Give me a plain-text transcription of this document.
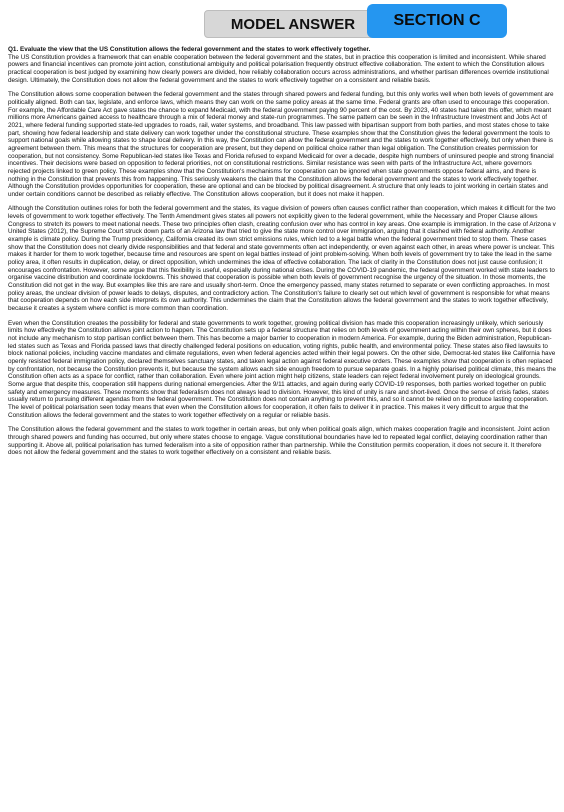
MODEL ANSWER	SECTION C

Q1. Evaluate the view that the US Constitution allows the federal government and the states to work effectively together.

The US Constitution provides a framework that can enable cooperation between the federal government and the states, but in practice this cooperation is limited and inconsistent. While shared powers and financial incentives can promote joint action, constitutional ambiguity and political polarisation frequently obstruct effective collaboration. The extent to which the Constitution allows practical cooperation is best judged by examining how clearly powers are divided, how reliably collaboration occurs across administrations, and whether partisan differences override institutional design. Ultimately, the Constitution does not allow the federal government and the states to work effectively together on a consistent and reliable basis.

The Constitution allows some cooperation between the federal government and the states through shared powers and federal funding, but this only works well when both levels of government are politically aligned. Both can tax, legislate, and enforce laws, which means they can work on the same policy areas at the same time. Federal grants are often used to encourage this cooperation. For example, the Affordable Care Act gave states the chance to expand Medicaid, with the federal government paying 90 percent of the cost. By 2023, 40 states had taken this offer, which meant millions more Americans gained access to healthcare through a mix of federal money and state-run programmes. The same pattern can be seen in the Infrastructure Investment and Jobs Act of 2021, where federal funding supported state-led upgrades to roads, rail, water systems, and broadband. This law passed with bipartisan support from both parties, and most states chose to take part, showing how federal leadership and state delivery can work together under the constitutional structure. These examples show that the Constitution gives the federal government the tools to support national goals while allowing states to shape local delivery. In this way, the Constitution can allow the federal government and the states to work together effectively, but only when there is agreement between them. This means that the structures for cooperation are present, but they depend on political choice rather than legal obligation. The Constitution creates permission for cooperation, but not consistency. Some Republican-led states like Texas and Florida refused to expand Medicaid for over a decade, despite high numbers of uninsured people and strong financial incentives. Their decisions were based on opposition to federal priorities, not on constitutional restrictions. Similar resistance was seen with parts of the Infrastructure Act, where governors rejected projects linked to green policy. These examples show that the Constitution's mechanisms for cooperation can be ignored when state governments oppose federal aims, and there is nothing in the Constitution that prevents this from happening. This seriously weakens the claim that the Constitution allows the federal government and the states to work effectively together. Although the Constitution provides opportunities for cooperation, these are optional and can be blocked by political disagreement. A structure that only leads to joint working in certain states and under certain conditions cannot be described as reliably effective. The Constitution allows cooperation, but it does not make it happen.

Although the Constitution outlines roles for both the federal government and the states, its vague division of powers often causes conflict rather than cooperation, which makes it difficult for the two levels of government to work together effectively. The Tenth Amendment gives states all powers not explicitly given to the federal government, while the Necessary and Proper Clause allows Congress to stretch its powers to meet national needs. These two principles often clash, creating confusion over who has control in key areas. One example is immigration. In the case of Arizona v United States (2012), the Supreme Court struck down parts of an Arizona law that tried to give the state more control over immigration, arguing that it clashed with federal authority. Another example is climate policy. During the Trump presidency, California created its own strict emissions rules, which led to a legal battle when the federal government tried to stop them. These cases show that the Constitution does not clearly divide responsibilities and that federal and state governments often act independently, or even against each other, in areas where power is unclear. This makes it harder for them to work together, because time and resources are spent on legal battles instead of joint problem-solving. When both levels of government try to take the lead in the same policy area, it often results in duplication, delay, or direct opposition, which undermines the idea of effective collaboration. The lack of clarity in the Constitution does not just cause confusion; it encourages confrontation. However, some argue that this flexibility is useful, especially during national crises. During the COVID-19 pandemic, the federal government worked with state leaders to organise vaccine distribution and coordinate lockdowns. This showed that cooperation is possible when both levels of government recognise the urgency of the situation. In those moments, the Constitution did not get in the way. But examples like this are rare and usually short-term. Once the emergency passed, many states returned to separate or even conflicting approaches. In most policy areas, the unclear division of power leads to delays, disputes, and contradictory action. The Constitution's failure to clearly set out which level of government is responsible for what means that cooperation depends on how each side interprets its own authority. This undermines the claim that the Constitution allows the federal government and the states to work together effectively, because it creates a system where conflict is more common than coordination.

Even when the Constitution creates the possibility for federal and state governments to work together, growing political division has made this cooperation increasingly unlikely, which seriously limits how effectively the Constitution allows joint action to happen. The Constitution sets up a federal structure that relies on both levels of government acting within their own spheres, but it does not include any mechanism to stop partisan conflict between them. This has become a major barrier to cooperation in modern America. For example, during the Biden administration, Republican-led states such as Texas and Florida passed laws that directly challenged federal positions on education, voting rights, public health, and environmental policy. These states also filed lawsuits to block national policies, including vaccine mandates and climate regulations, even when federal agencies acted within their legal powers. On the other side, Democrat-led states like California have openly resisted federal immigration policy, declared themselves sanctuary states, and taken legal action against federal executive orders. These examples show that cooperation is often replaced by confrontation, not because the Constitution prevents it, but because the system allows each side enough freedom to pursue separate goals. In a highly polarised political climate, this means the Constitution often acts as a space for conflict, rather than collaboration. Even where joint action might help citizens, state leaders can reject federal involvement purely on ideological grounds. Some argue that despite this, cooperation still happens during national emergencies. After the 9/11 attacks, and again during early COVID-19 responses, both parties worked together on public safety and emergency measures. These moments show that federalism does not always lead to division. However, this kind of unity is rare and short-lived. Once the sense of crisis fades, states usually return to pursuing different agendas from the federal government. The Constitution does not contain anything to prevent this, and so it cannot be relied on to produce lasting cooperation. The level of political polarisation seen today means that even when the Constitution allows for cooperation, it often fails to deliver it in practice. This makes it very difficult to argue that the Constitution allows the federal government and the states to work together effectively on a regular or reliable basis.

The Constitution allows the federal government and the states to work together in certain areas, but only when political goals align, which makes cooperation fragile and inconsistent. Joint action through shared powers and funding has occurred, but only where states choose to engage. Vague constitutional boundaries have led to repeated legal conflict, delaying coordination rather than supporting it. Above all, political polarisation has turned federalism into a site of opposition rather than partnership. While the Constitution permits cooperation, it does not secure it. It therefore does not allow the federal government and the states to work together effectively on a consistent and reliable basis.
